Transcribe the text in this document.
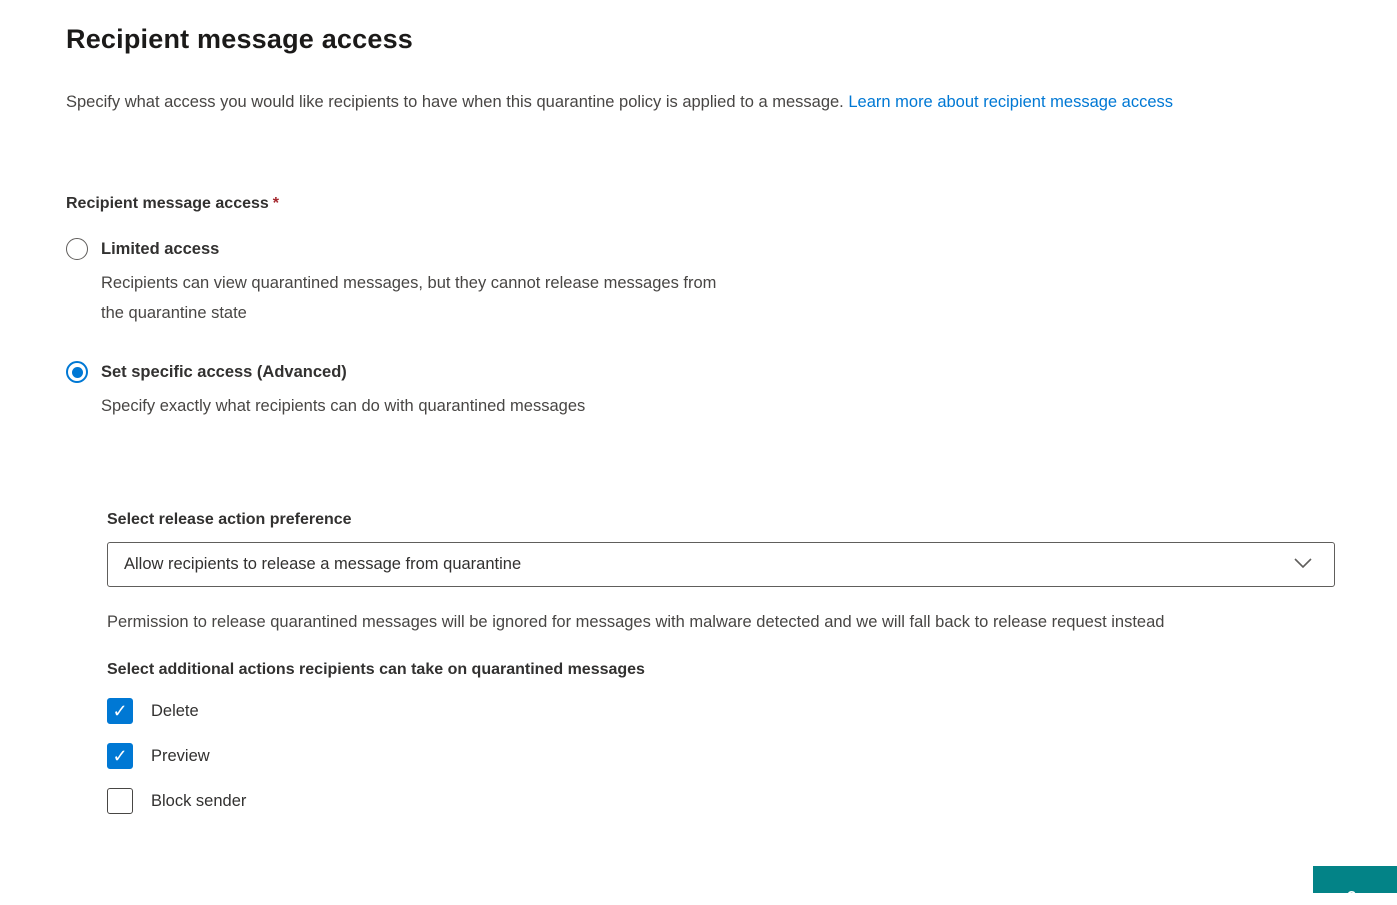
Recipient message access

Specify what access you would like recipients to have when this quarantine policy is applied to a message. Learn more about recipient message access

Recipient message access *
Limited access
Recipients can view quarantined messages, but they cannot release messages from the quarantine state
Set specific access (Advanced)
Specify exactly what recipients can do with quarantined messages
Select release action preference
Allow recipients to release a message from quarantine

Permission to release quarantined messages will be ignored for messages with malware detected and we will fall back to release request instead

Select additional actions recipients can take on quarantined messages
✓ Delete
✓ Preview
Block sender
?
